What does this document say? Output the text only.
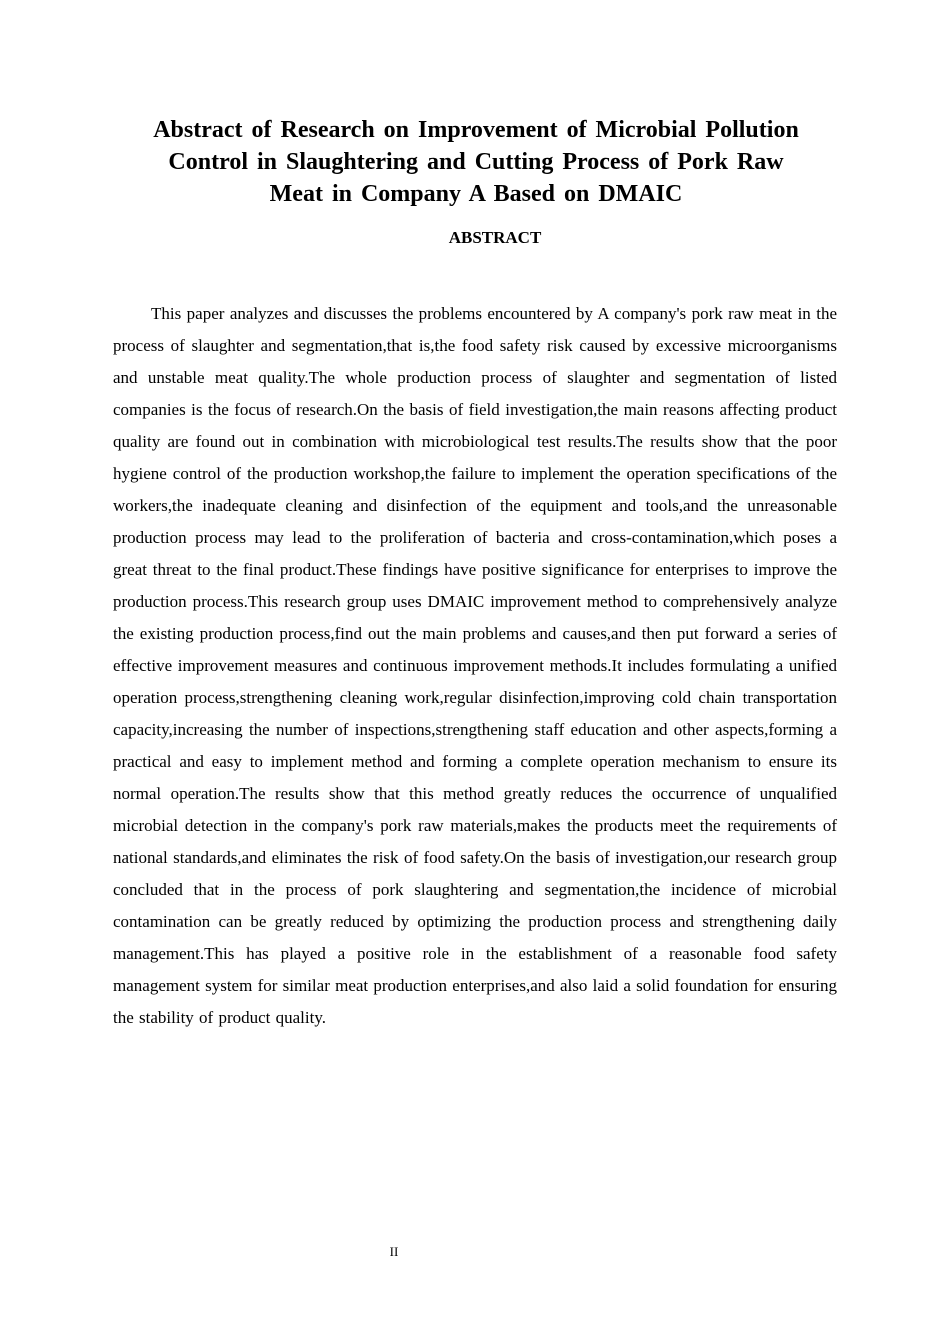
Abstract of Research on Improvement of Microbial Pollution Control in Slaughtering and Cutting Process of Pork Raw Meat in Company A Based on DMAIC
ABSTRACT

This paper analyzes and discusses the problems encountered by A company's pork raw meat in the process of slaughter and segmentation,that is,the food safety risk caused by excessive microorganisms and unstable meat quality.The whole production process of slaughter and segmentation of listed companies is the focus of research.On the basis of field investigation,the main reasons affecting product quality are found out in combination with microbiological test results.The results show that the poor hygiene control of the production workshop,the failure to implement the operation specifications of the workers,the inadequate cleaning and disinfection of the equipment and tools,and the unreasonable production process may lead to the proliferation of bacteria and cross-contamination,which poses a great threat to the final product.These findings have positive significance for enterprises to improve the production process.This research group uses DMAIC improvement method to comprehensively analyze the existing production process,find out the main problems and causes,and then put forward a series of effective improvement measures and continuous improvement methods.It includes formulating a unified operation process,strengthening cleaning work,regular disinfection,improving cold chain transportation capacity,increasing the number of inspections,strengthening staff education and other aspects,forming a practical and easy to implement method and forming a complete operation mechanism to ensure its normal operation.The results show that this method greatly reduces the occurrence of unqualified microbial detection in the company's pork raw materials,makes the products meet the requirements of national standards,and eliminates the risk of food safety.On the basis of investigation,our research group concluded that in the process of pork slaughtering and segmentation,the incidence of microbial contamination can be greatly reduced by optimizing the production process and strengthening daily management.This has played a positive role in the establishment of a reasonable food safety management system for similar meat production enterprises,and also laid a solid foundation for ensuring the stability of product quality.

II
